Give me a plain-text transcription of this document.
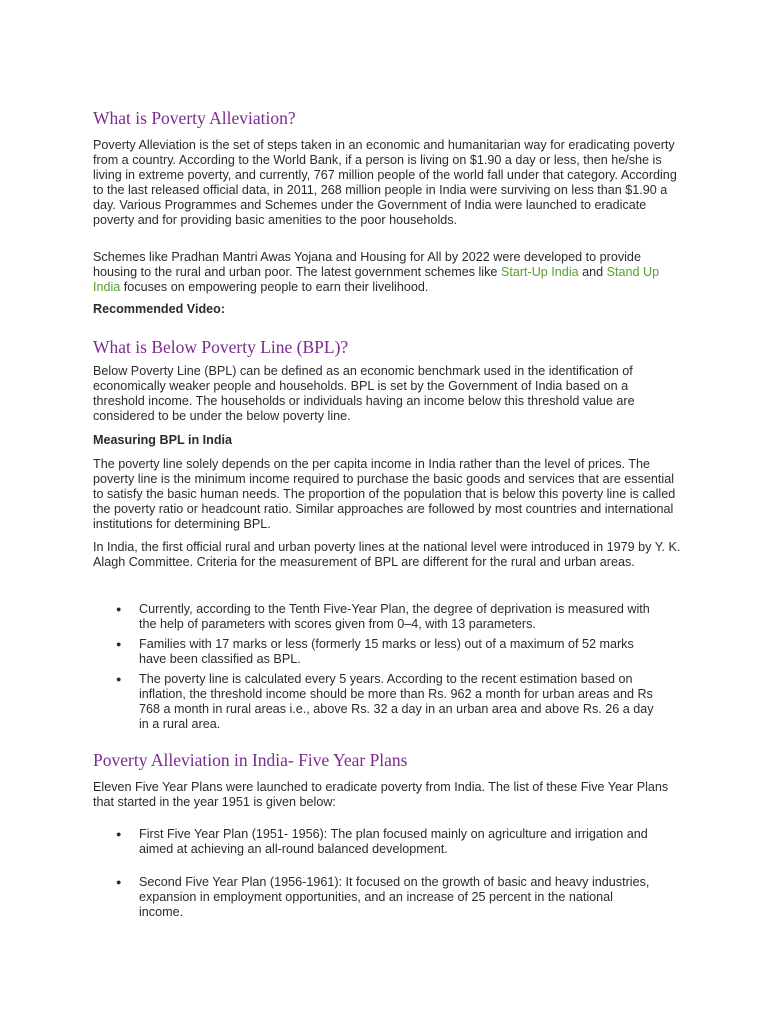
What is Poverty Alleviation?

Poverty Alleviation is the set of steps taken in an economic and humanitarian way for eradicating poverty from a country. According to the World Bank, if a person is living on $1.90 a day or less, then he/she is living in extreme poverty, and currently, 767 million people of the world fall under that category. According to the last released official data, in 2011, 268 million people in India were surviving on less than $1.90 a day. Various Programmes and Schemes under the Government of India were launched to eradicate poverty and for providing basic amenities to the poor households.

Schemes like Pradhan Mantri Awas Yojana and Housing for All by 2022 were developed to provide housing to the rural and urban poor. The latest government schemes like Start-Up India and Stand Up India focuses on empowering people to earn their livelihood.

Recommended Video:
What is Below Poverty Line (BPL)?

Below Poverty Line (BPL) can be defined as an economic benchmark used in the identification of economically weaker people and households. BPL is set by the Government of India based on a threshold income. The households or individuals having an income below this threshold value are considered to be under the below poverty line.

Measuring BPL in India

The poverty line solely depends on the per capita income in India rather than the level of prices. The poverty line is the minimum income required to purchase the basic goods and services that are essential to satisfy the basic human needs. The proportion of the population that is below this poverty line is called the poverty ratio or headcount ratio. Similar approaches are followed by most countries and international institutions for determining BPL.

In India, the first official rural and urban poverty lines at the national level were introduced in 1979 by Y. K. Alagh Committee. Criteria for the measurement of BPL are different for the rural and urban areas.

● Currently, according to the Tenth Five-Year Plan, the degree of deprivation is measured with the help of parameters with scores given from 0–4, with 13 parameters.
● Families with 17 marks or less (formerly 15 marks or less) out of a maximum of 52 marks have been classified as BPL.
● The poverty line is calculated every 5 years. According to the recent estimation based on inflation, the threshold income should be more than Rs. 962 a month for urban areas and Rs 768 a month in rural areas i.e., above Rs. 32 a day in an urban area and above Rs. 26 a day in a rural area.
Poverty Alleviation in India- Five Year Plans

Eleven Five Year Plans were launched to eradicate poverty from India. The list of these Five Year Plans that started in the year 1951 is given below:

● First Five Year Plan (1951- 1956): The plan focused mainly on agriculture and irrigation and aimed at achieving an all-round balanced development.
● Second Five Year Plan (1956-1961): It focused on the growth of basic and heavy industries, expansion in employment opportunities, and an increase of 25 percent in the national income.
